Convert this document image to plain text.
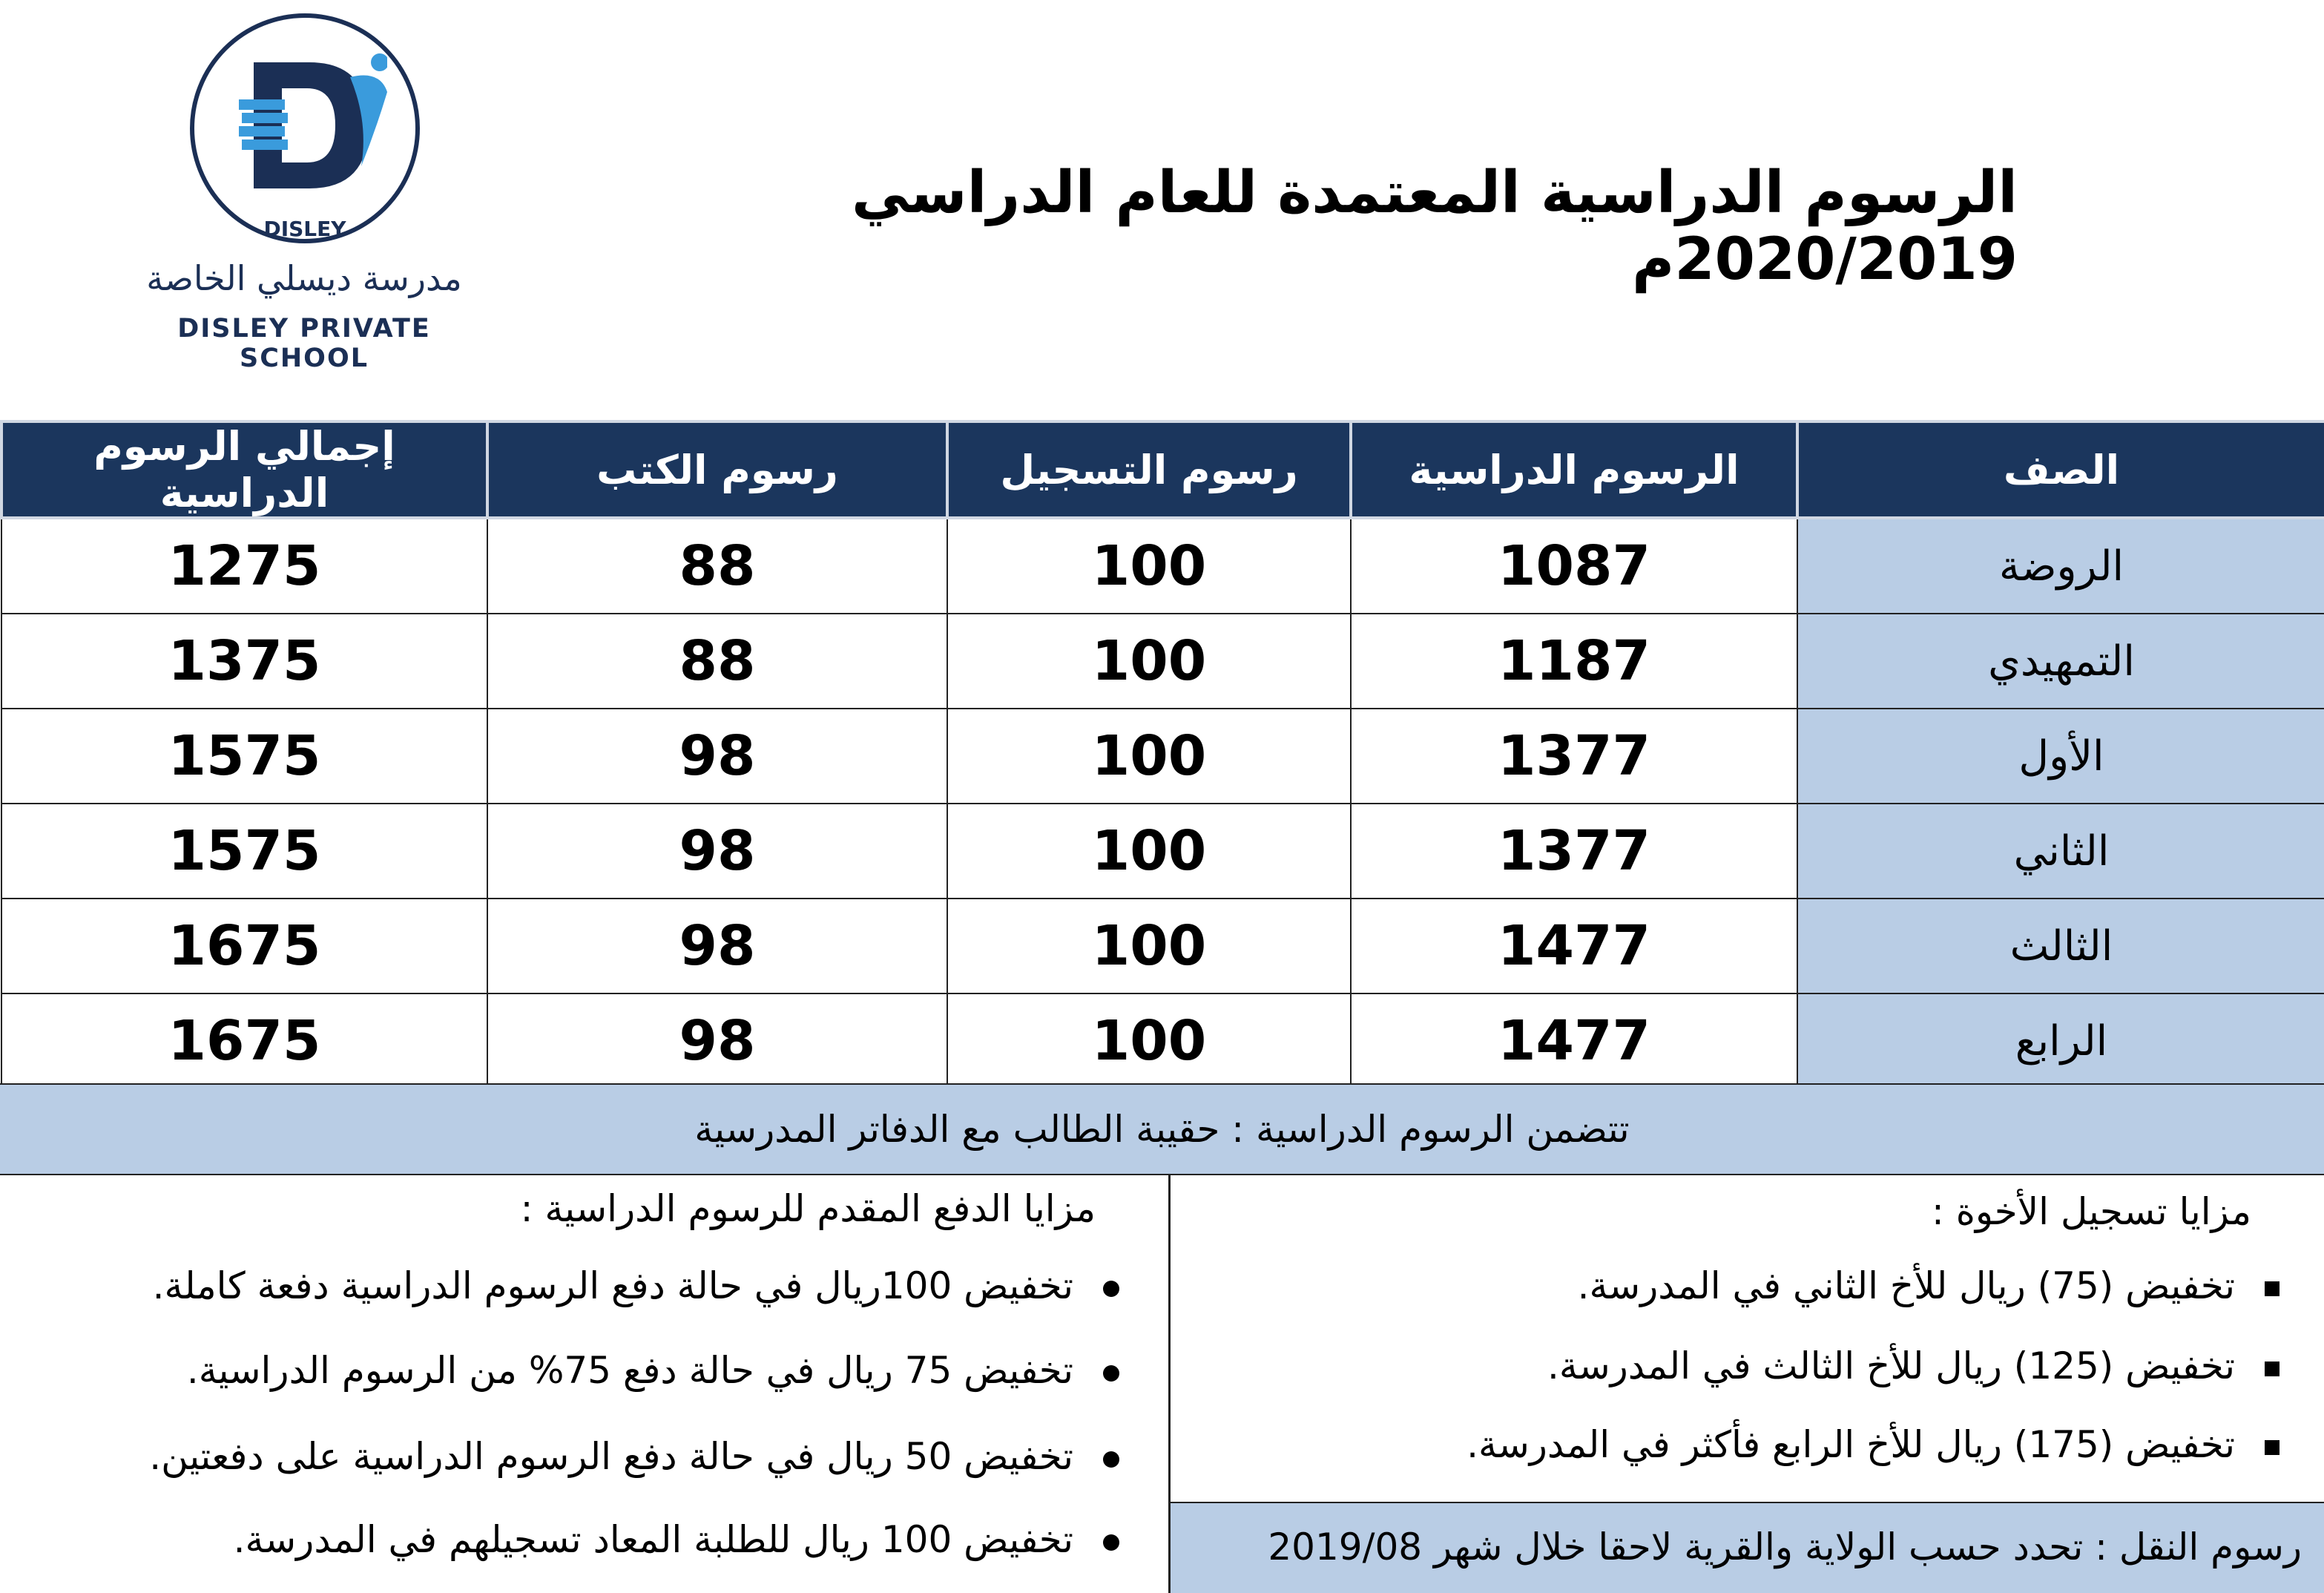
DISLEY
مدرسة ديسلي الخاصة
DISLEY PRIVATE SCHOOL
الرسوم الدراسية المعتمدة للعام الدراسي 2020/2019م
الصف	الرسوم الدراسية	رسوم التسجيل	رسوم الكتب	إجمالي الرسوم الدراسية
الروضة	1087	100	88	1275
التمهيدي	1187	100	88	1375
الأول	1377	100	98	1575
الثاني	1377	100	98	1575
الثالث	1477	100	98	1675
الرابع	1477	100	98	1675
تتضمن الرسوم الدراسية : حقيبة الطالب مع الدفاتر المدرسية
مزايا تسجيل الأخوة :
تخفيض (75) ريال للأخ الثاني في المدرسة.
تخفيض (125) ريال للأخ الثالث في المدرسة.
تخفيض (175) ريال للأخ الرابع فأكثر في المدرسة.
رسوم النقل : تحدد حسب الولاية والقرية لاحقا خلال شهر 2019/08
مزايا الدفع المقدم للرسوم الدراسية :
تخفيض 100ريال في حالة دفع الرسوم الدراسية دفعة كاملة.
تخفيض 75 ريال في حالة دفع 75% من الرسوم الدراسية.
تخفيض 50 ريال في حالة دفع الرسوم الدراسية على دفعتين.
تخفيض 100 ريال للطلبة المعاد تسجيلهم في المدرسة.
